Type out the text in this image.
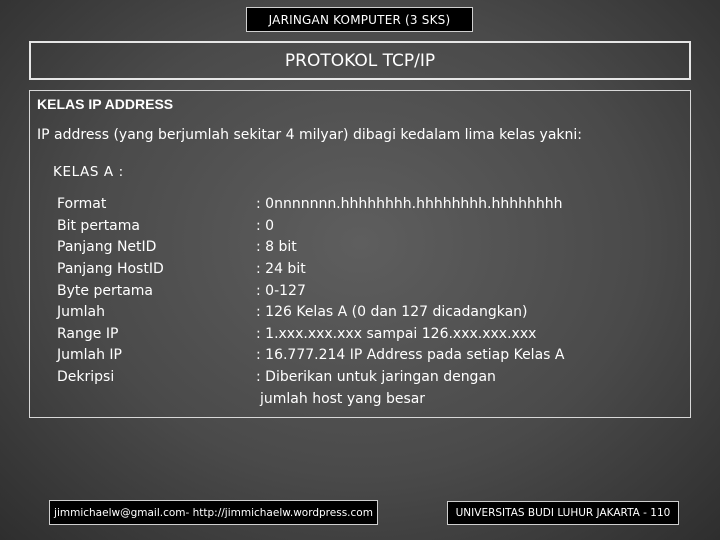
JARINGAN KOMPUTER (3 SKS)
PROTOKOL TCP/IP
KELAS IP ADDRESS
IP address (yang berjumlah sekitar 4 milyar) dibagi kedalam lima kelas yakni:
KELAS A :
Format	: 0nnnnnnn.hhhhhhhh.hhhhhhhh.hhhhhhhh
Bit pertama	: 0
Panjang NetID	: 8 bit
Panjang HostID	: 24 bit
Byte pertama	: 0-127
Jumlah	: 126 Kelas A (0 dan 127 dicadangkan)
Range IP	: 1.xxx.xxx.xxx sampai 126.xxx.xxx.xxx
Jumlah IP	: 16.777.214 IP Address pada setiap Kelas A
Dekripsi	: Diberikan untuk jaringan dengan
jumlah host yang besar
jimmichaelw@gmail.com- http://jimmichaelw.wordpress.com	UNIVERSITAS BUDI LUHUR JAKARTA - 110
